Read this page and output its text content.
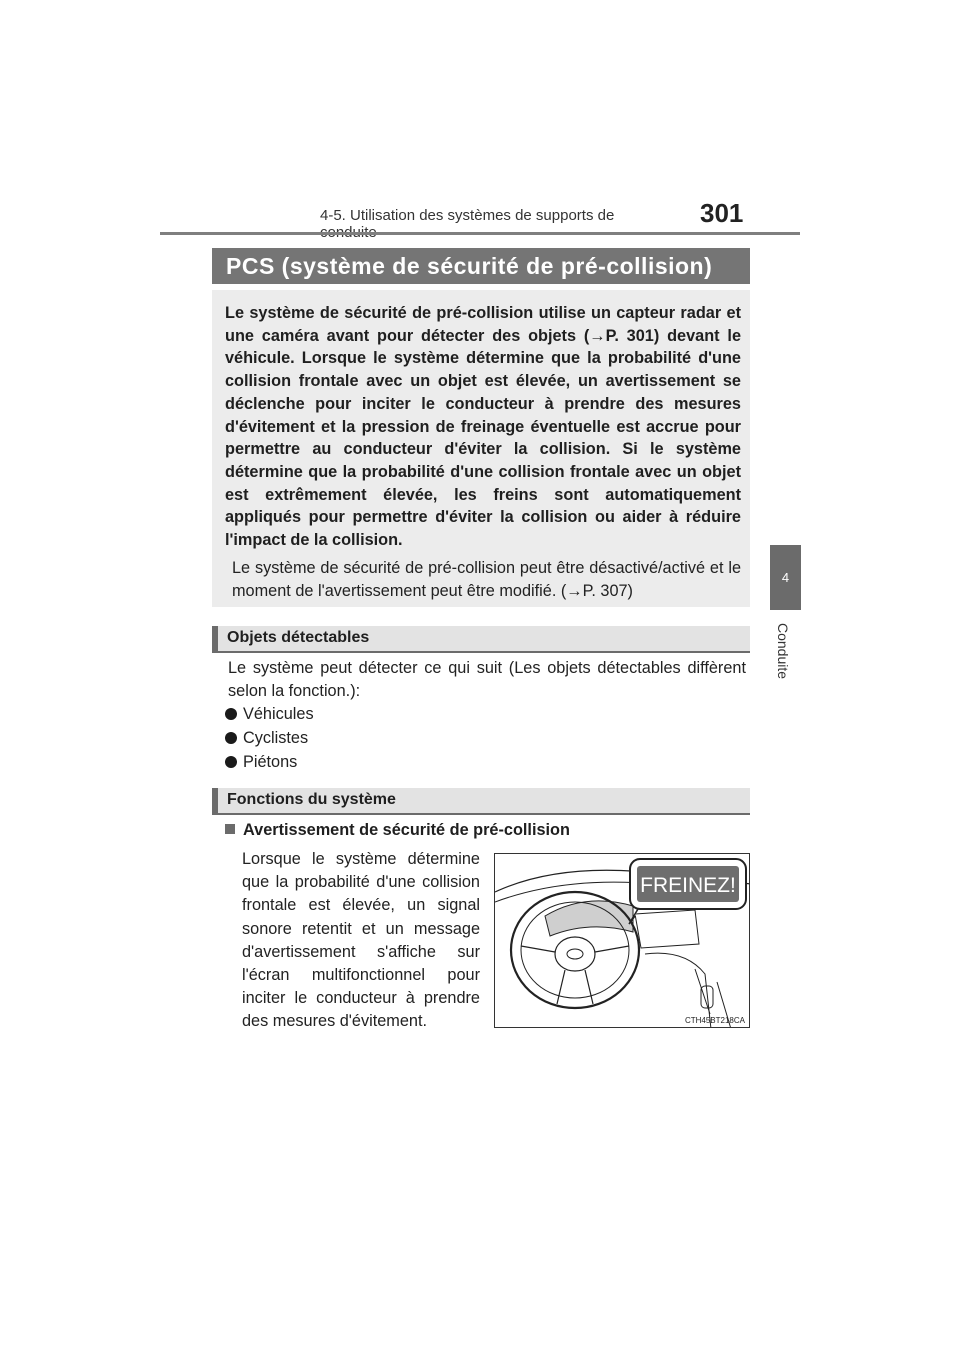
4-5. Utilisation des systèmes de supports de	301
4
Conduite
PCS (système de sécurité de pré-collision)
Le système de sécurité de pré-collision utilise un capteur radar et une caméra avant pour détecter des objets (→P. 301) devant le véhicule. Lorsque le système détermine que la probabilité d'une collision frontale avec un objet est élevée, un avertissement se déclenche pour inciter le conducteur à prendre des mesures d'évitement et la pression de freinage éventuelle est accrue pour permettre au conducteur d'éviter la collision. Si le système détermine que la probabilité d'une collision frontale avec un objet est extrêmement élevée, les freins sont automatiquement appliqués pour permettre d'éviter la collision ou aider à réduire l'impact de la collision.
Le système de sécurité de pré-collision peut être désactivé/activé et le moment de l'avertissement peut être modifié. (→P. 307)
Objets détectables
Le système peut détecter ce qui suit (Les objets détectables diffèrent selon la fonction.):
Véhicules
Cyclistes
Piétons
Fonctions du système
Avertissement de sécurité de pré-collision
Lorsque le système détermine que la probabilité d'une collision frontale est élevée, un signal sonore retentit et un message d'avertissement s'affiche sur l'écran multifonctionnel pour inciter le conducteur à prendre des mesures d'évitement.
FREINEZ!
CTH45BT218CA
